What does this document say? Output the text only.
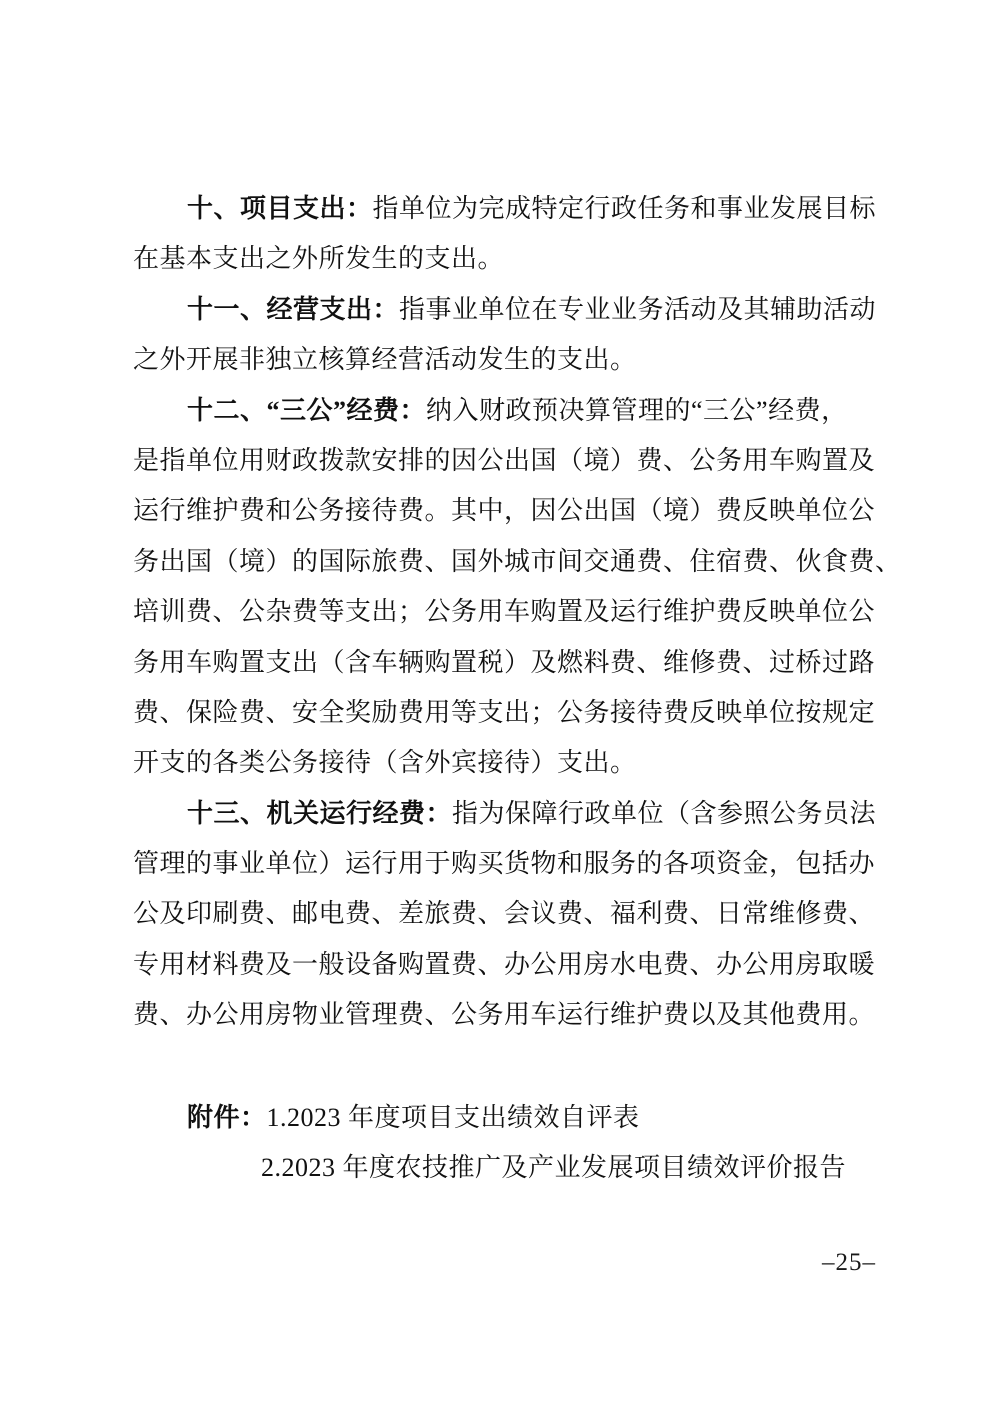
十、项目支出：指单位为完成特定行政任务和事业发展目标
在基本支出之外所发生的支出。
十一、经营支出：指事业单位在专业业务活动及其辅助活动
之外开展非独立核算经营活动发生的支出。
十二、“三公”经费：纳入财政预决算管理的“三公”经费，
是指单位用财政拨款安排的因公出国（境）费、公务用车购置及
运行维护费和公务接待费。其中，因公出国（境）费反映单位公
务出国（境）的国际旅费、国外城市间交通费、住宿费、伙食费、
培训费、公杂费等支出；公务用车购置及运行维护费反映单位公
务用车购置支出（含车辆购置税）及燃料费、维修费、过桥过路
费、保险费、安全奖励费用等支出；公务接待费反映单位按规定
开支的各类公务接待（含外宾接待）支出。
十三、机关运行经费：指为保障行政单位（含参照公务员法
管理的事业单位）运行用于购买货物和服务的各项资金，包括办
公及印刷费、邮电费、差旅费、会议费、福利费、日常维修费、
专用材料费及一般设备购置费、办公用房水电费、办公用房取暖
费、办公用房物业管理费、公务用车运行维护费以及其他费用。
附件：1.2023 年度项目支出绩效自评表
2.2023 年度农技推广及产业发展项目绩效评价报告
–25–
